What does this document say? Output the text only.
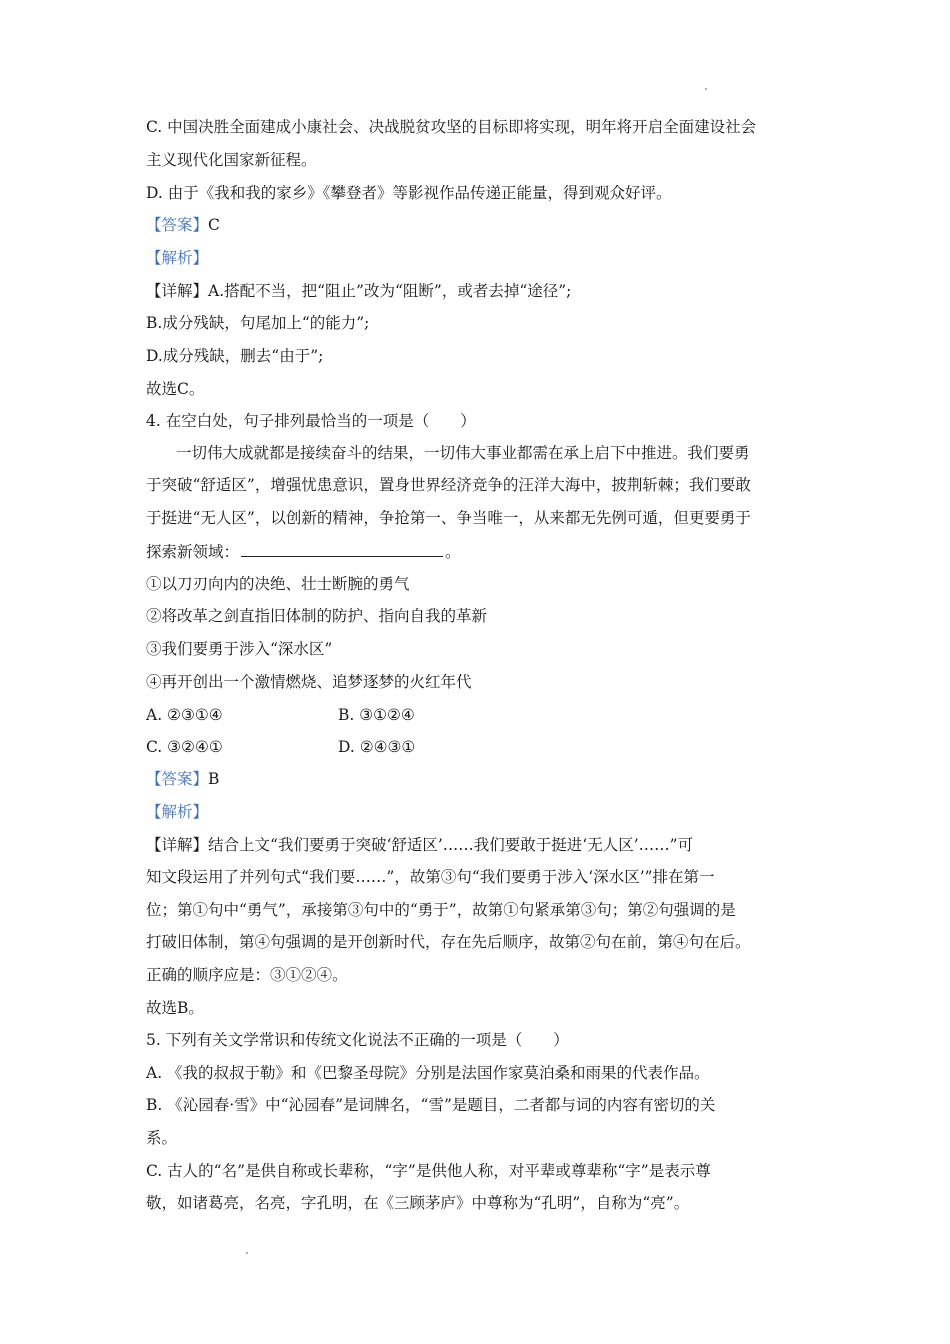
C. 中国决胜全面建成小康社会、决战脱贫攻坚的目标即将实现，明年将开启全面建设社会
主义现代化国家新征程。
D. 由于《我和我的家乡》《攀登者》等影视作品传递正能量，得到观众好评。
【答案】C
【解析】
【详解】A.搭配不当，把“阻止”改为“阻断”，或者去掉“途径”;
B.成分残缺，句尾加上“的能力”;
D.成分残缺，删去“由于”;
故选C。
4. 在空白处，句子排列最恰当的一项是（　　）
一切伟大成就都是接续奋斗的结果，一切伟大事业都需在承上启下中推进。我们要勇
于突破“舒适区”，增强忧患意识，置身世界经济竞争的汪洋大海中，披荆斩棘；我们要敢
于挺进“无人区”，以创新的精神，争抢第一、争当唯一，从来都无先例可遁，但更要勇于
探索新领域：	。
①以刀刃向内的决绝、壮士断腕的勇气
②将改革之剑直指旧体制的防护、指向自我的革新
③我们要勇于涉入“深水区”
④再开创出一个激情燃烧、追梦逐梦的火红年代
A. ②③①④	B. ③①②④
C. ③②④①	D. ②④③①
【答案】B
【解析】
【详解】结合上文“我们要勇于突破‘舒适区’……我们要敢于挺进‘无人区’……”可
知文段运用了并列句式“我们要……”，故第③句“我们要勇于涉入‘深水区’”排在第一
位；第①句中“勇气”，承接第③句中的“勇于”，故第①句紧承第③句；第②句强调的是
打破旧体制，第④句强调的是开创新时代，存在先后顺序，故第②句在前，第④句在后。
正确的顺序应是：③①②④。
故选B。
5. 下列有关文学常识和传统文化说法不正确的一项是（　　）
A. 《我的叔叔于勒》和《巴黎圣母院》分别是法国作家莫泊桑和雨果的代表作品。
B. 《沁园春·雪》中“沁园春”是词牌名，“雪”是题目，二者都与词的内容有密切的关
系。
C. 古人的“名”是供自称或长辈称，“字”是供他人称，对平辈或尊辈称“字”是表示尊
敬，如诸葛亮，名亮，字孔明，在《三顾茅庐》中尊称为“孔明”，自称为“亮”。
